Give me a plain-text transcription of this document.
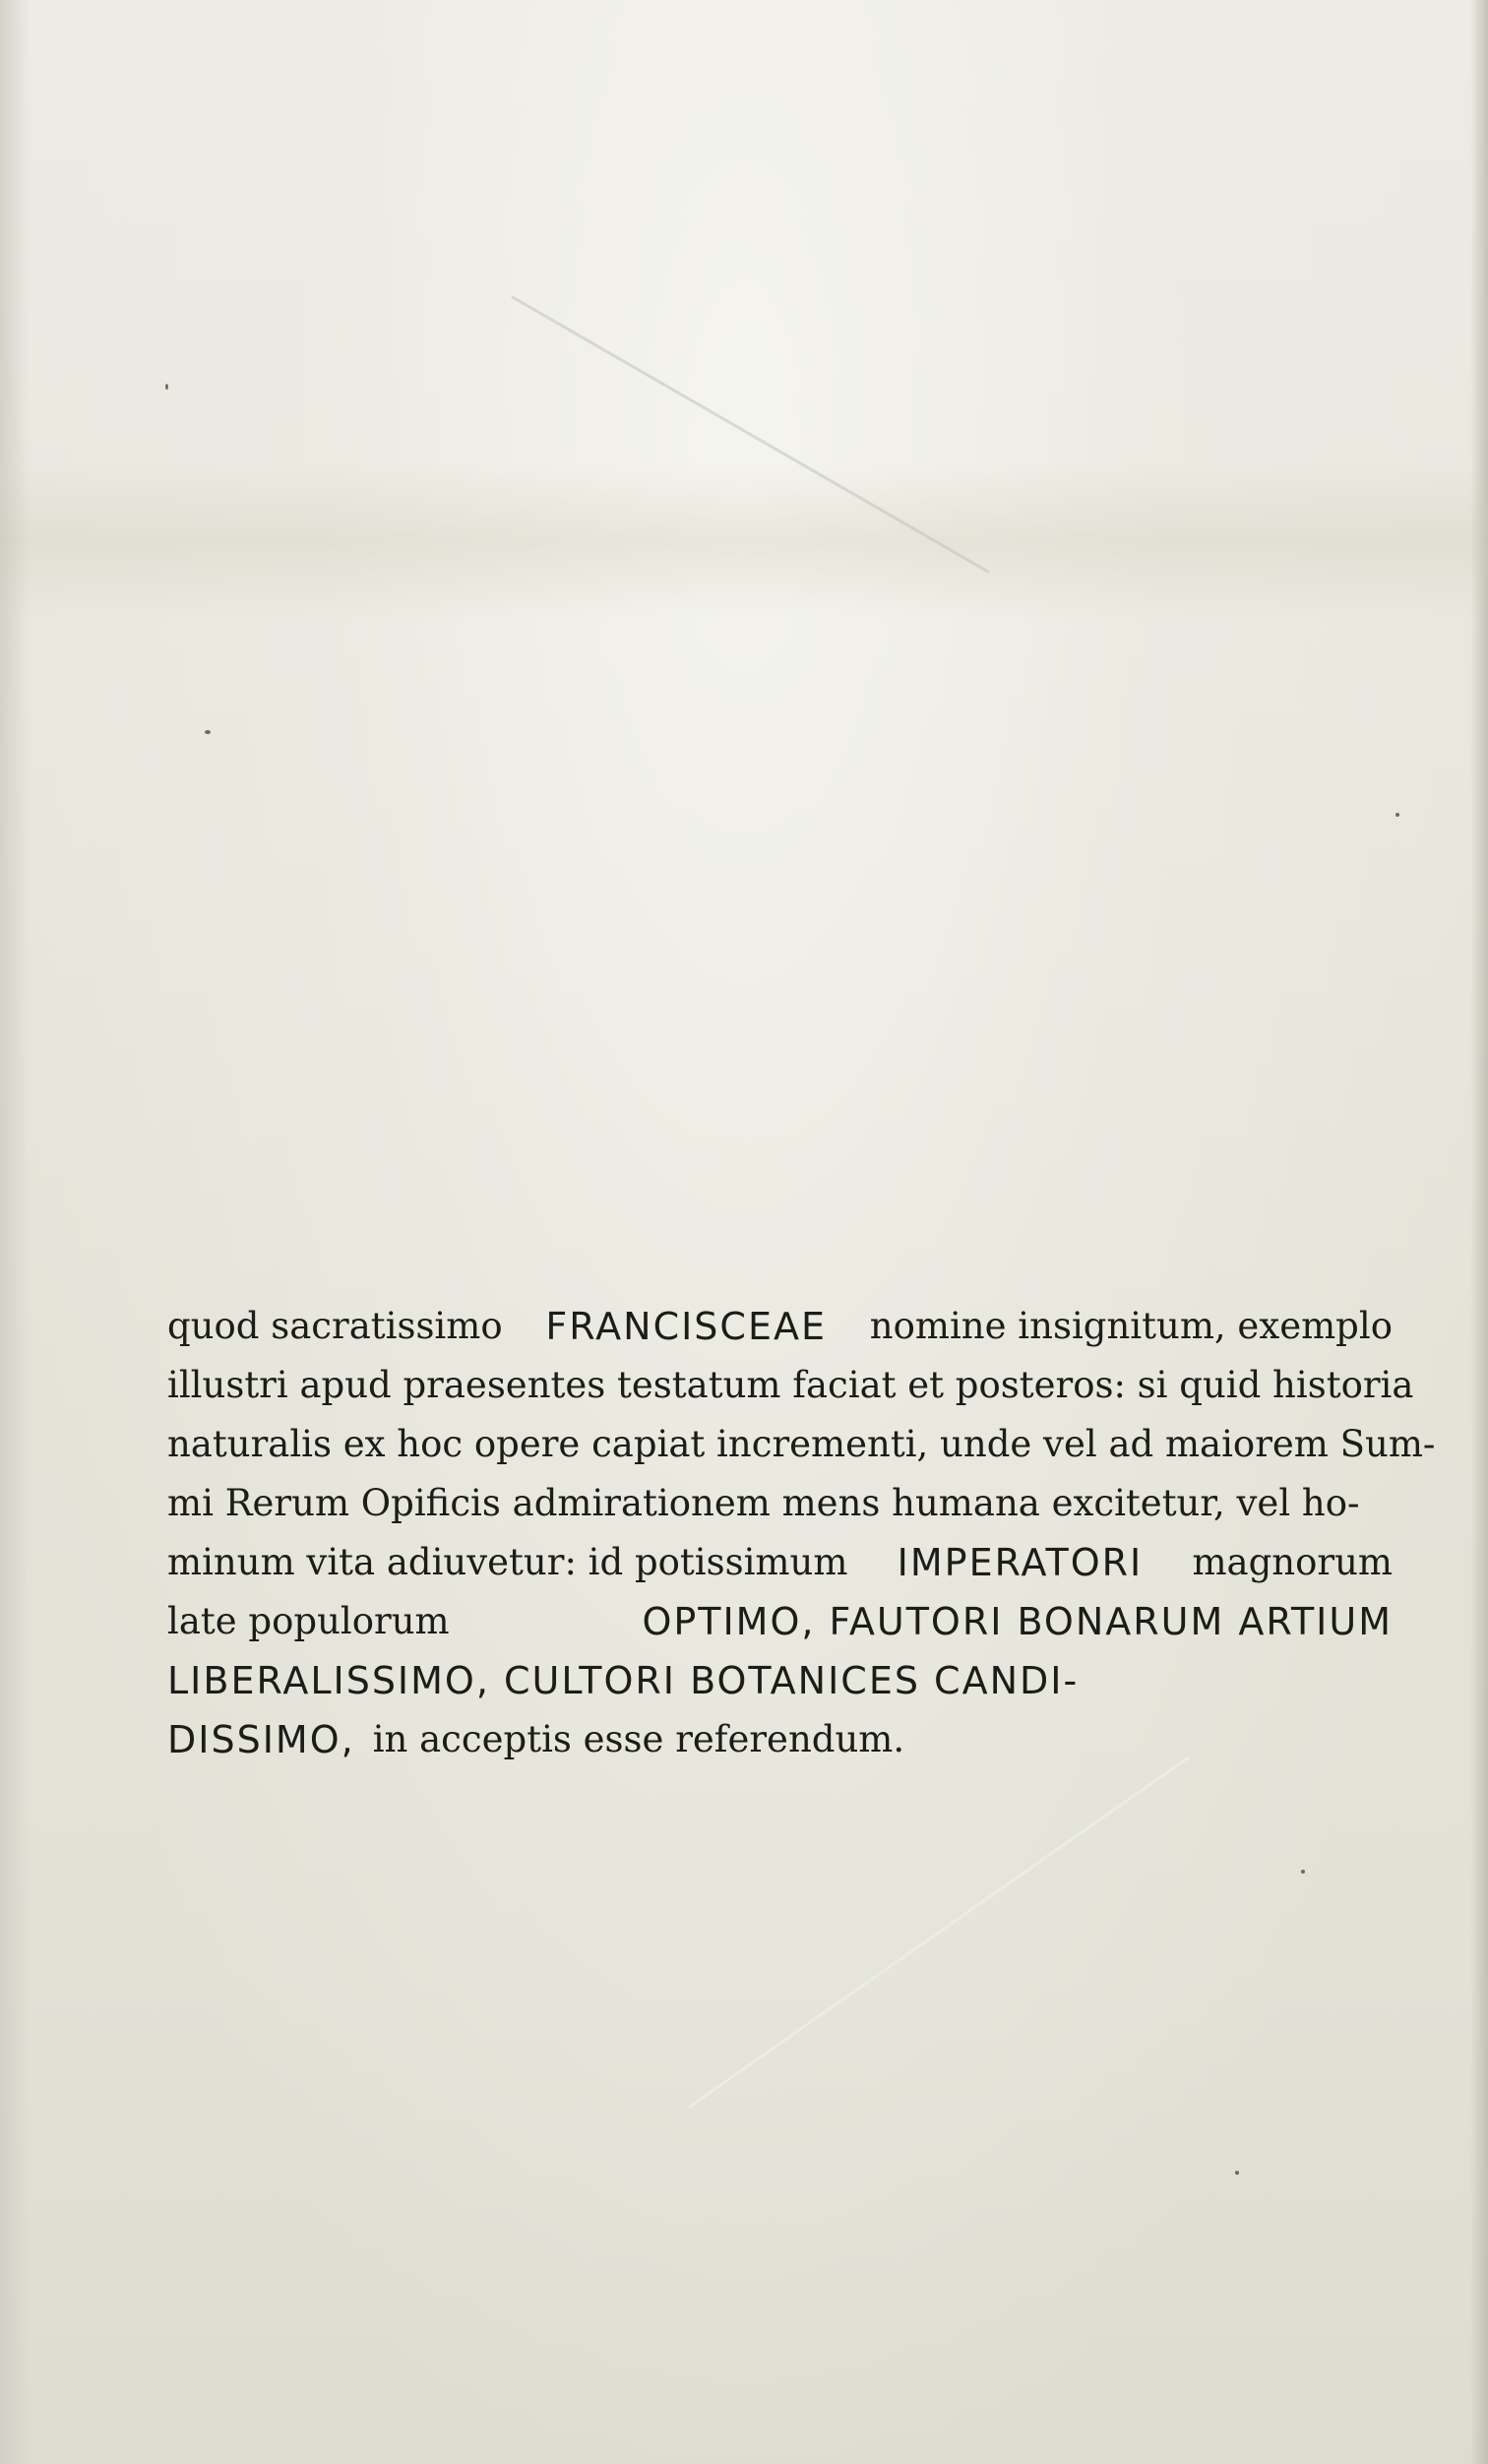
quod sacratissimo FRANCISCEAE nomine insignitum, exemplo
illustri apud praesentes testatum faciat et posteros: si quid historia
naturalis ex hoc opere capiat incrementi, unde vel ad maiorem Sum-
mi Rerum Opificis admirationem mens humana excitetur, vel ho-
minum vita adiuvetur: id potissimum IMPERATORI magnorum
late populorum	OPTIMO, FAUTORI BONARUM ARTIUM
LIBERALISSIMO, CULTORI BOTANICES CANDI-
DISSIMO, in acceptis esse referendum.
